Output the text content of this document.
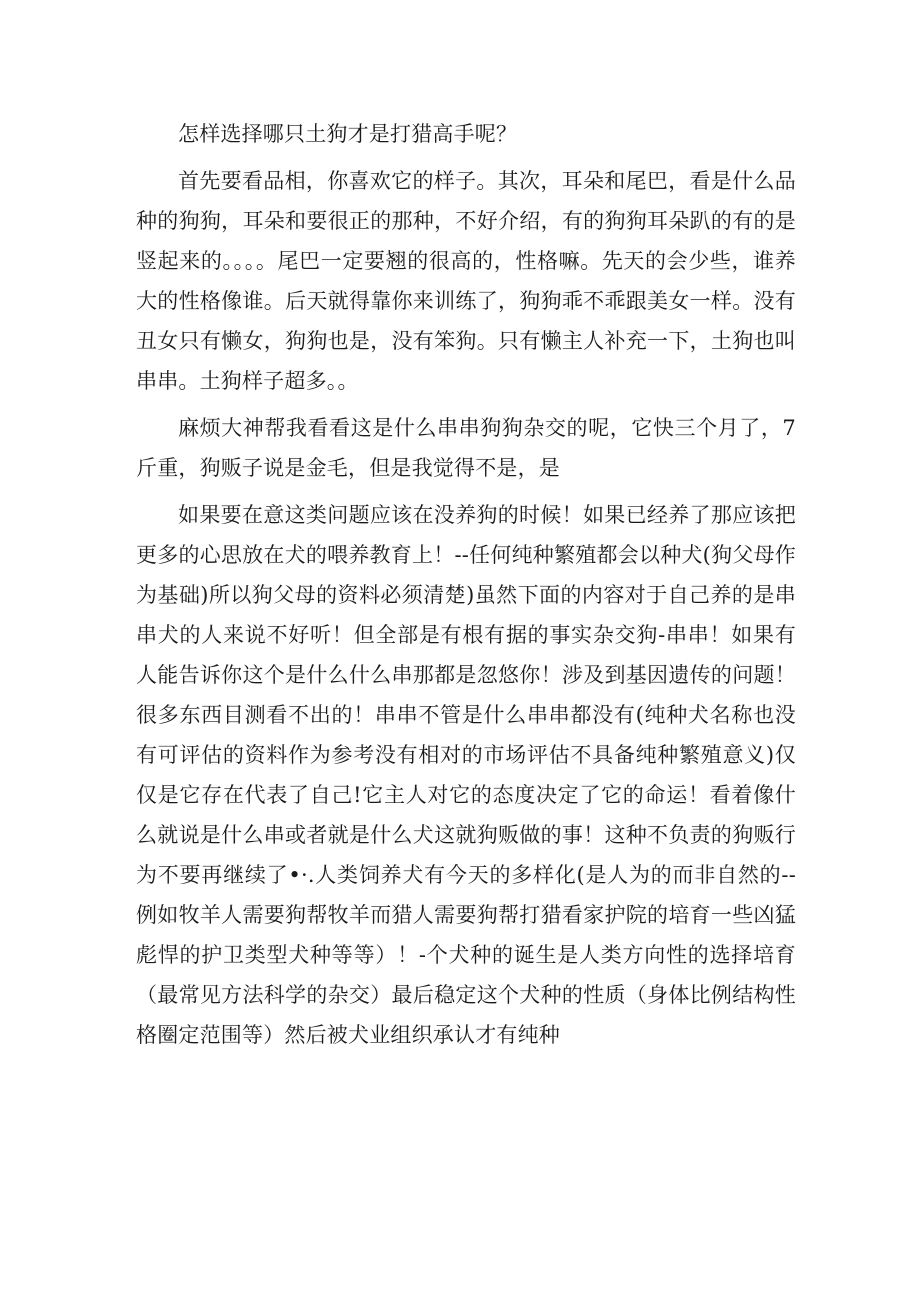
怎样选择哪只土狗才是打猎高手呢？

首先要看品相，你喜欢它的样子。其次，耳朵和尾巴，看是什么品种的狗狗，耳朵和要很正的那种，不好介绍，有的狗狗耳朵趴的有的是竖起来的。。。。尾巴一定要翘的很高的，性格嘛。先天的会少些，谁养大的性格像谁。后天就得靠你来训练了，狗狗乖不乖跟美女一样。没有丑女只有懒女，狗狗也是，没有笨狗。只有懒主人补充一下，土狗也叫串串。土狗样子超多。。

麻烦大神帮我看看这是什么串串狗狗杂交的呢，它快三个月了，7斤重，狗贩子说是金毛，但是我觉得不是，是

如果要在意这类问题应该在没养狗的时候！如果已经养了那应该把更多的心思放在犬的喂养教育上！--任何纯种繁殖都会以种犬(狗父母作为基础)所以狗父母的资料必须清楚)虽然下面的内容对于自己养的是串串犬的人来说不好听！但全部是有根有据的事实杂交狗-串串！如果有人能告诉你这个是什么什么串那都是忽悠你！涉及到基因遗传的问题！很多东西目测看不出的！串串不管是什么串串都没有(纯种犬名称也没有可评估的资料作为参考没有相对的市场评估不具备纯种繁殖意义)仅仅是它存在代表了自己!它主人对它的态度决定了它的命运！看着像什么就说是什么串或者就是什么犬这就狗贩做的事！这种不负责的狗贩行为不要再继续了•·.人类饲养犬有今天的多样化(是人为的而非自然的--例如牧羊人需要狗帮牧羊而猎人需要狗帮打猎看家护院的培育一些凶猛彪悍的护卫类型犬种等等）！-个犬种的诞生是人类方向性的选择培育（最常见方法科学的杂交）最后稳定这个犬种的性质（身体比例结构性格圈定范围等）然后被犬业组织承认才有纯种
